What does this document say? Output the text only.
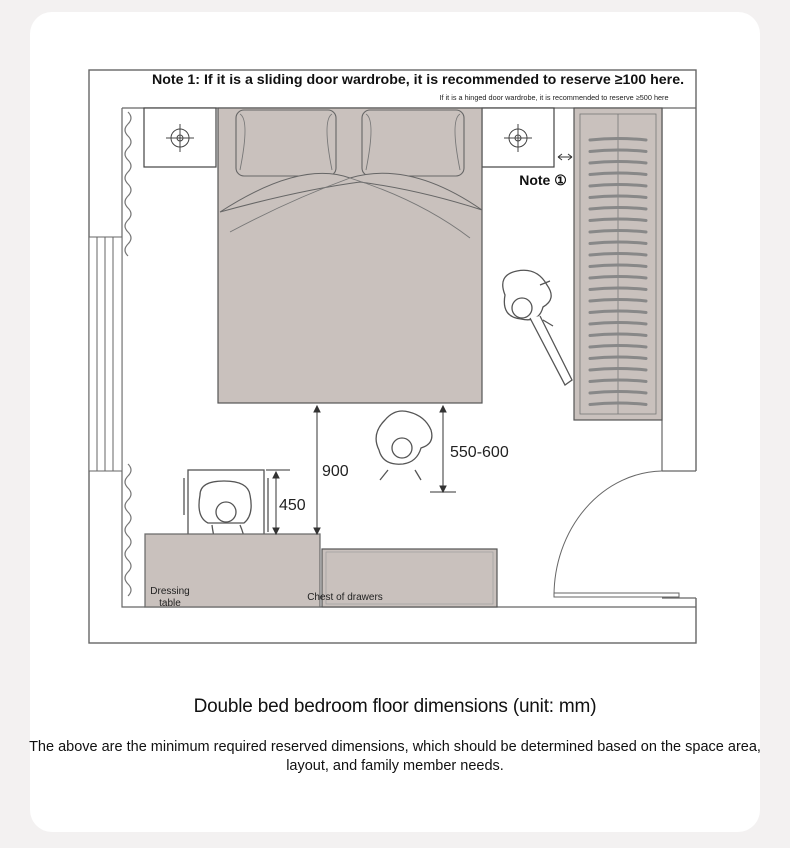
Note 1: If it is a sliding door wardrobe, it is recommended to reserve ≥100 here.
If it is a hinged door wardrobe, it is recommended to reserve ≥500 here
Note ①
900
450
550-600
Dressing
table
Chest of drawers
Double bed bedroom floor dimensions (unit: mm)
The above are the minimum required reserved dimensions, which should be determined based on the space area,
layout, and family member needs.
